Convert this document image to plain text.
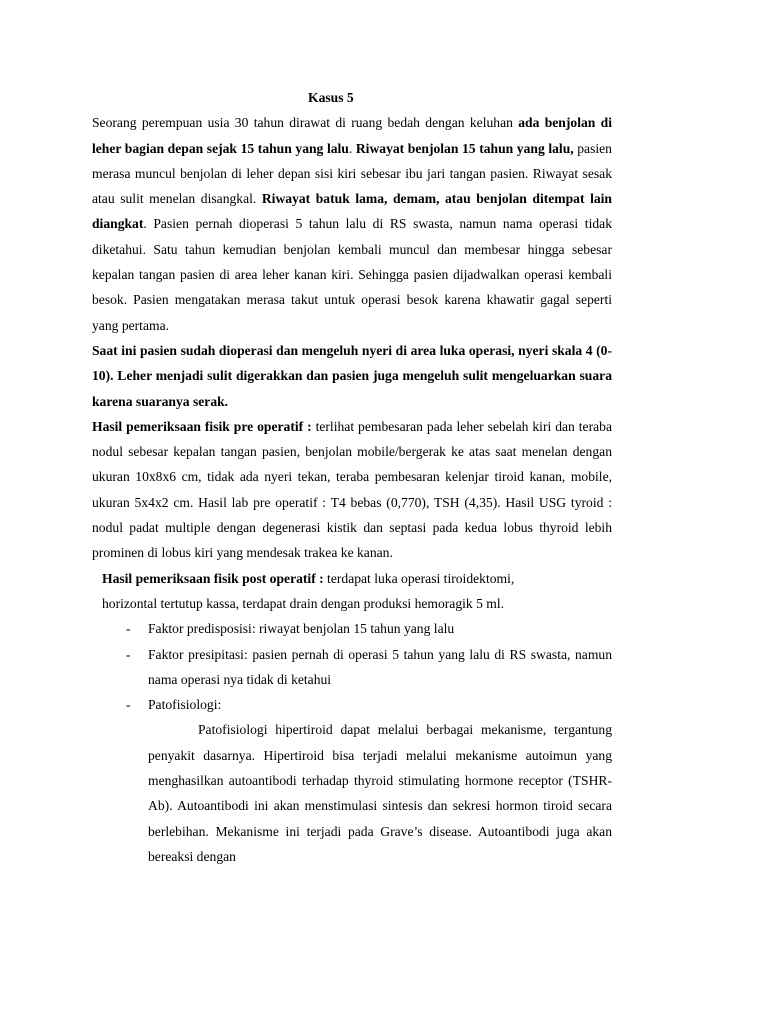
Kasus 5

Seorang perempuan usia 30 tahun dirawat di ruang bedah dengan keluhan ada benjolan di leher bagian depan sejak 15 tahun yang lalu. Riwayat benjolan 15 tahun yang lalu, pasien merasa muncul benjolan di leher depan sisi kiri sebesar ibu jari tangan pasien. Riwayat sesak atau sulit menelan disangkal. Riwayat batuk lama, demam, atau benjolan ditempat lain diangkat. Pasien pernah dioperasi 5 tahun lalu di RS swasta, namun nama operasi tidak diketahui. Satu tahun kemudian benjolan kembali muncul dan membesar hingga sebesar kepalan tangan pasien di area leher kanan kiri. Sehingga pasien dijadwalkan operasi kembali besok. Pasien mengatakan merasa takut untuk operasi besok karena khawatir gagal seperti yang pertama.

Saat ini pasien sudah dioperasi dan mengeluh nyeri di area luka operasi, nyeri skala 4 (0-10). Leher menjadi sulit digerakkan dan pasien juga mengeluh sulit mengeluarkan suara karena suaranya serak.

Hasil pemeriksaan fisik pre operatif : terlihat pembesaran pada leher sebelah kiri dan teraba nodul sebesar kepalan tangan pasien, benjolan mobile/bergerak ke atas saat menelan dengan ukuran 10x8x6 cm, tidak ada nyeri tekan, teraba pembesaran kelenjar tiroid kanan, mobile, ukuran 5x4x2 cm. Hasil lab pre operatif : T4 bebas (0,770), TSH (4,35). Hasil USG tyroid : nodul padat multiple dengan degenerasi kistik dan septasi pada kedua lobus thyroid lebih prominen di lobus kiri yang mendesak trakea ke kanan.

Hasil pemeriksaan fisik post operatif : terdapat luka operasi tiroidektomi,
horizontal tertutup kassa, terdapat drain dengan produksi hemoragik 5 ml.

- Faktor predisposisi: riwayat benjolan 15 tahun yang lalu
- Faktor presipitasi: pasien pernah di operasi 5 tahun yang lalu di RS swasta, namun nama operasi nya tidak di ketahui
- Patofisiologi:

Patofisiologi hipertiroid dapat melalui berbagai mekanisme, tergantung penyakit dasarnya. Hipertiroid bisa terjadi melalui mekanisme autoimun yang menghasilkan autoantibodi terhadap thyroid stimulating hormone receptor (TSHR-Ab). Autoantibodi ini akan menstimulasi sintesis dan sekresi hormon tiroid secara berlebihan. Mekanisme ini terjadi pada Grave’s disease. Autoantibodi juga akan bereaksi dengan
